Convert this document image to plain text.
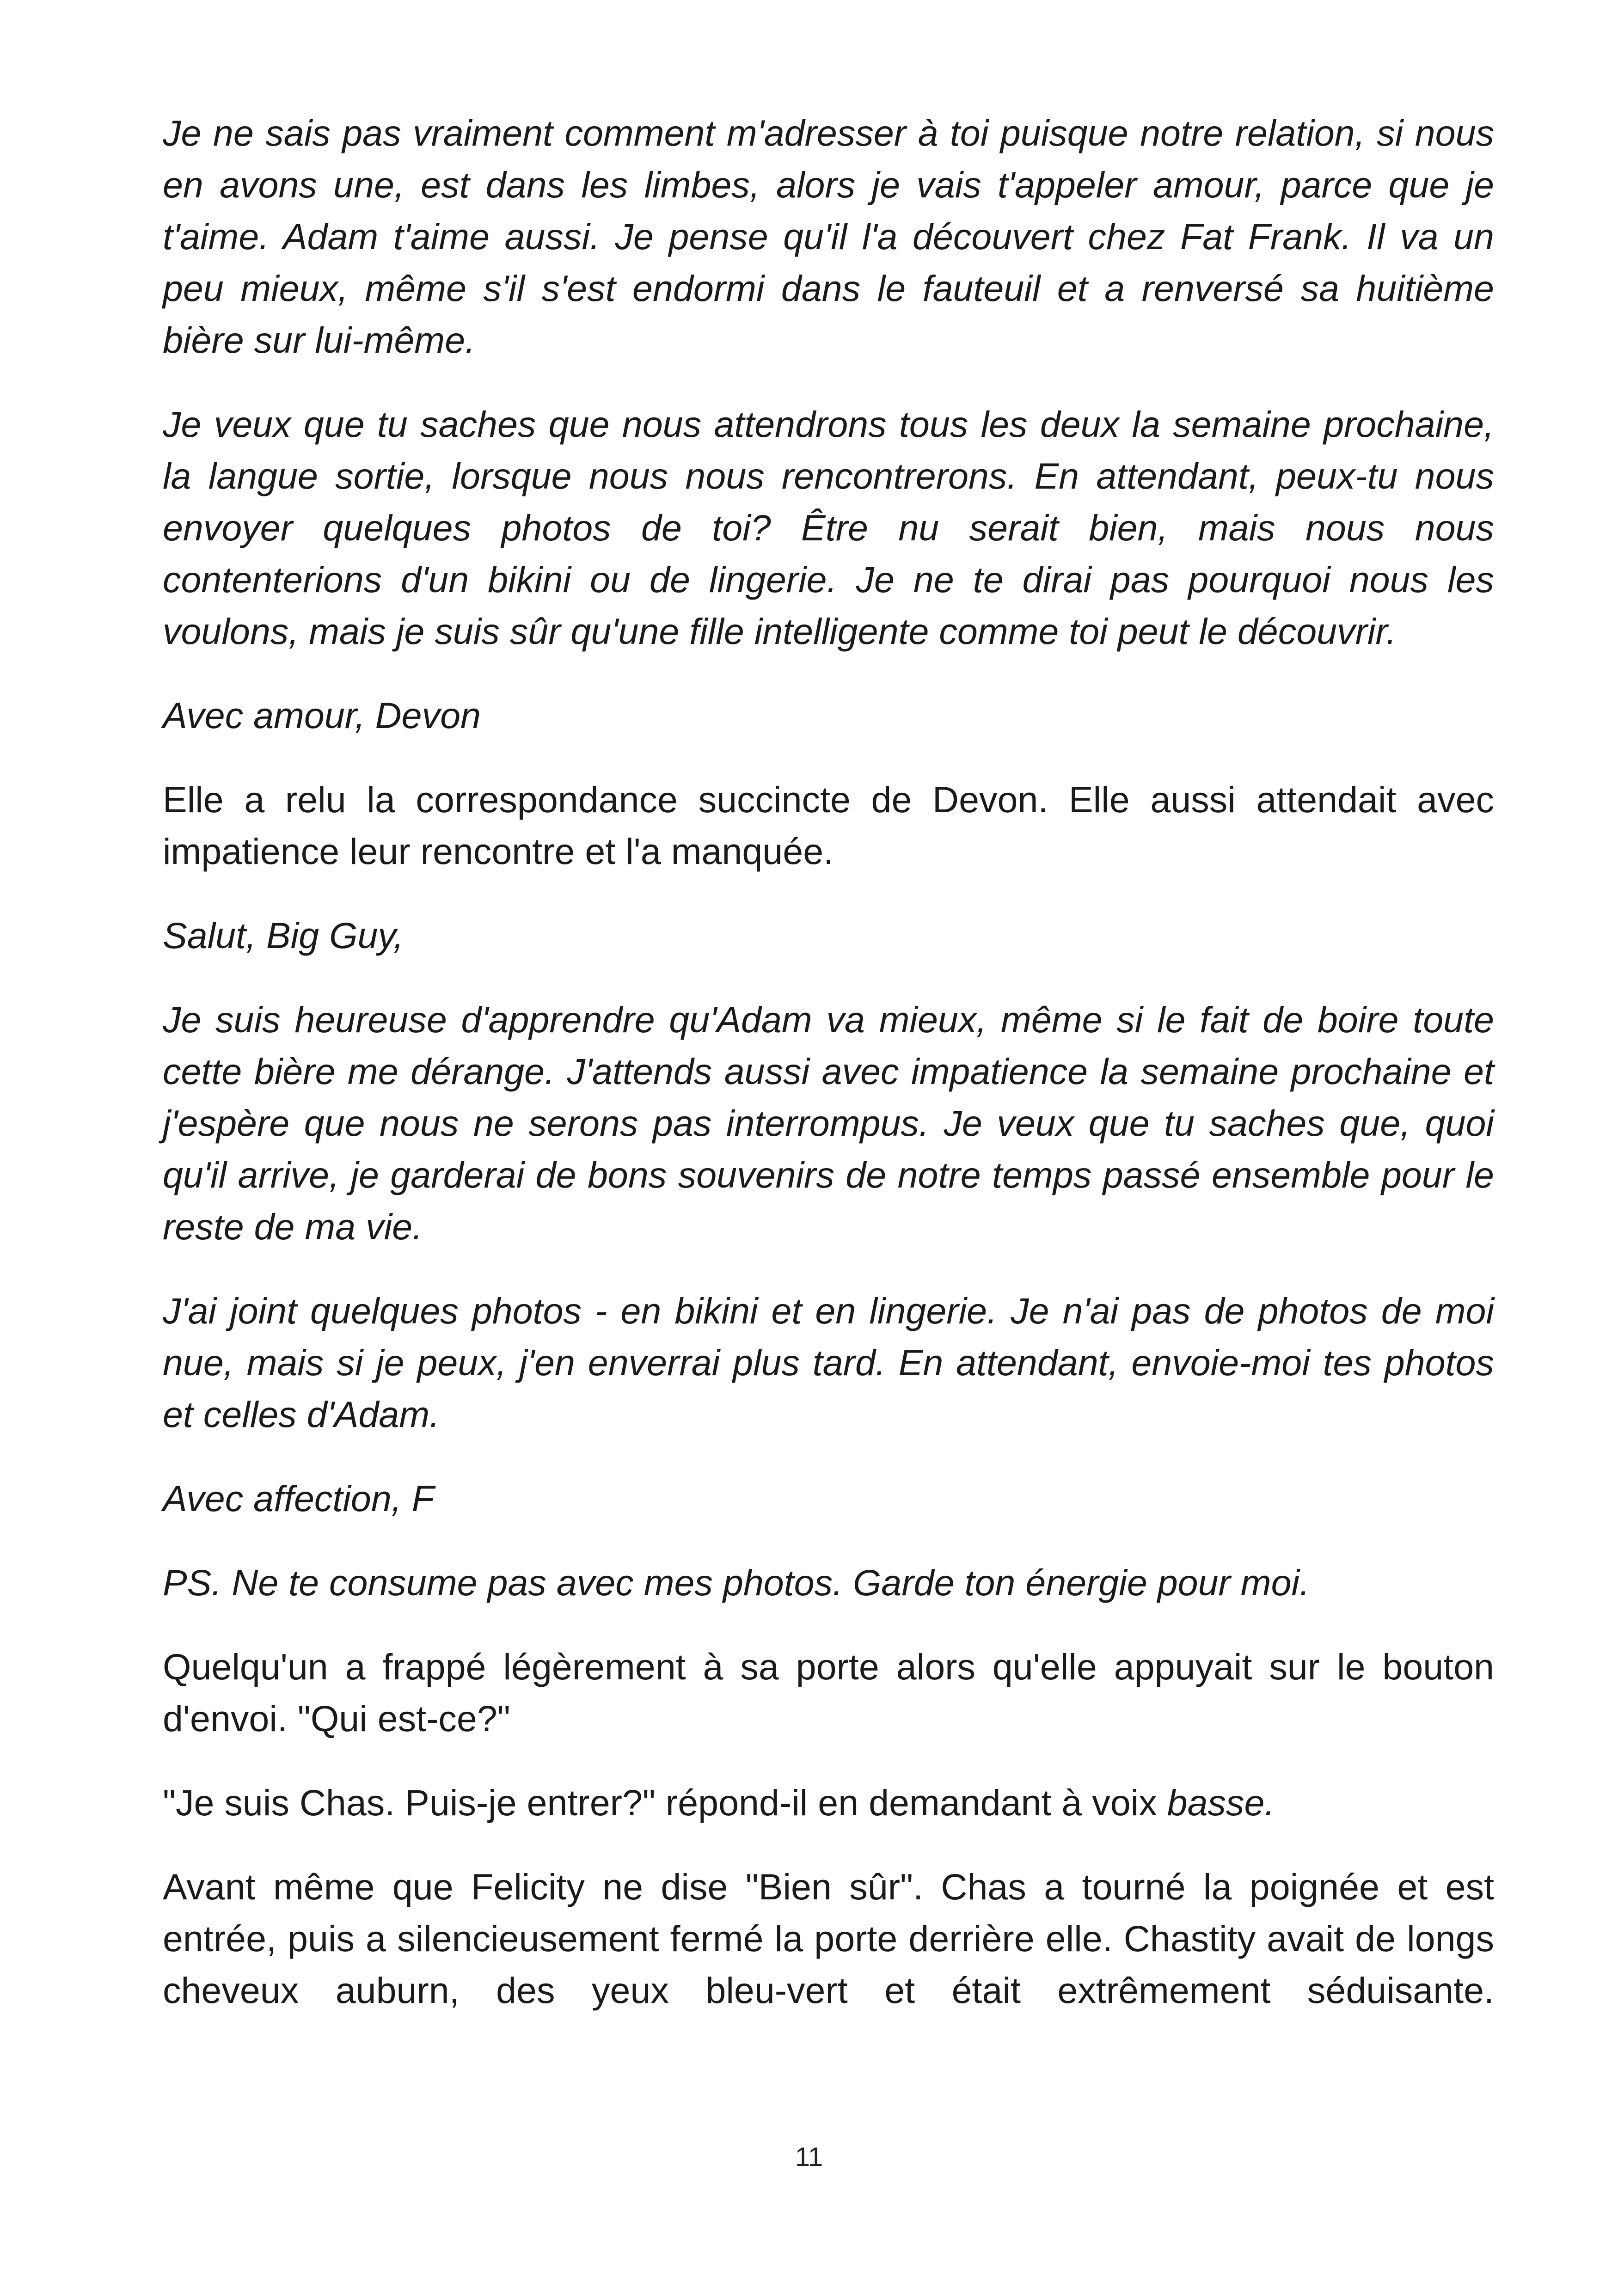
Je ne sais pas vraiment comment m'adresser à toi puisque notre relation, si nous en avons une, est dans les limbes, alors je vais t'appeler amour, parce que je t'aime. Adam t'aime aussi. Je pense qu'il l'a découvert chez Fat Frank. Il va un peu mieux, même s'il s'est endormi dans le fauteuil et a renversé sa huitième bière sur lui-même.

Je veux que tu saches que nous attendrons tous les deux la semaine prochaine, la langue sortie, lorsque nous nous rencontrerons. En attendant, peux-tu nous envoyer quelques photos de toi? Être nu serait bien, mais nous nous contenterions d'un bikini ou de lingerie. Je ne te dirai pas pourquoi nous les voulons, mais je suis sûr qu'une fille intelligente comme toi peut le découvrir.

Avec amour, Devon

Elle a relu la correspondance succincte de Devon. Elle aussi attendait avec impatience leur rencontre et l'a manquée.

Salut, Big Guy,

Je suis heureuse d'apprendre qu'Adam va mieux, même si le fait de boire toute cette bière me dérange. J'attends aussi avec impatience la semaine prochaine et j'espère que nous ne serons pas interrompus. Je veux que tu saches que, quoi qu'il arrive, je garderai de bons souvenirs de notre temps passé ensemble pour le reste de ma vie.

J'ai joint quelques photos - en bikini et en lingerie. Je n'ai pas de photos de moi nue, mais si je peux, j'en enverrai plus tard. En attendant, envoie-moi tes photos et celles d'Adam.

Avec affection, F

PS. Ne te consume pas avec mes photos. Garde ton énergie pour moi.

Quelqu'un a frappé légèrement à sa porte alors qu'elle appuyait sur le bouton d'envoi. "Qui est-ce?"

"Je suis Chas. Puis-je entrer?" répond-il en demandant à voix basse.

Avant même que Felicity ne dise "Bien sûr". Chas a tourné la poignée et est entrée, puis a silencieusement fermé la porte derrière elle. Chastity avait de longs cheveux auburn, des yeux bleu-vert et était extrêmement séduisante.

11
